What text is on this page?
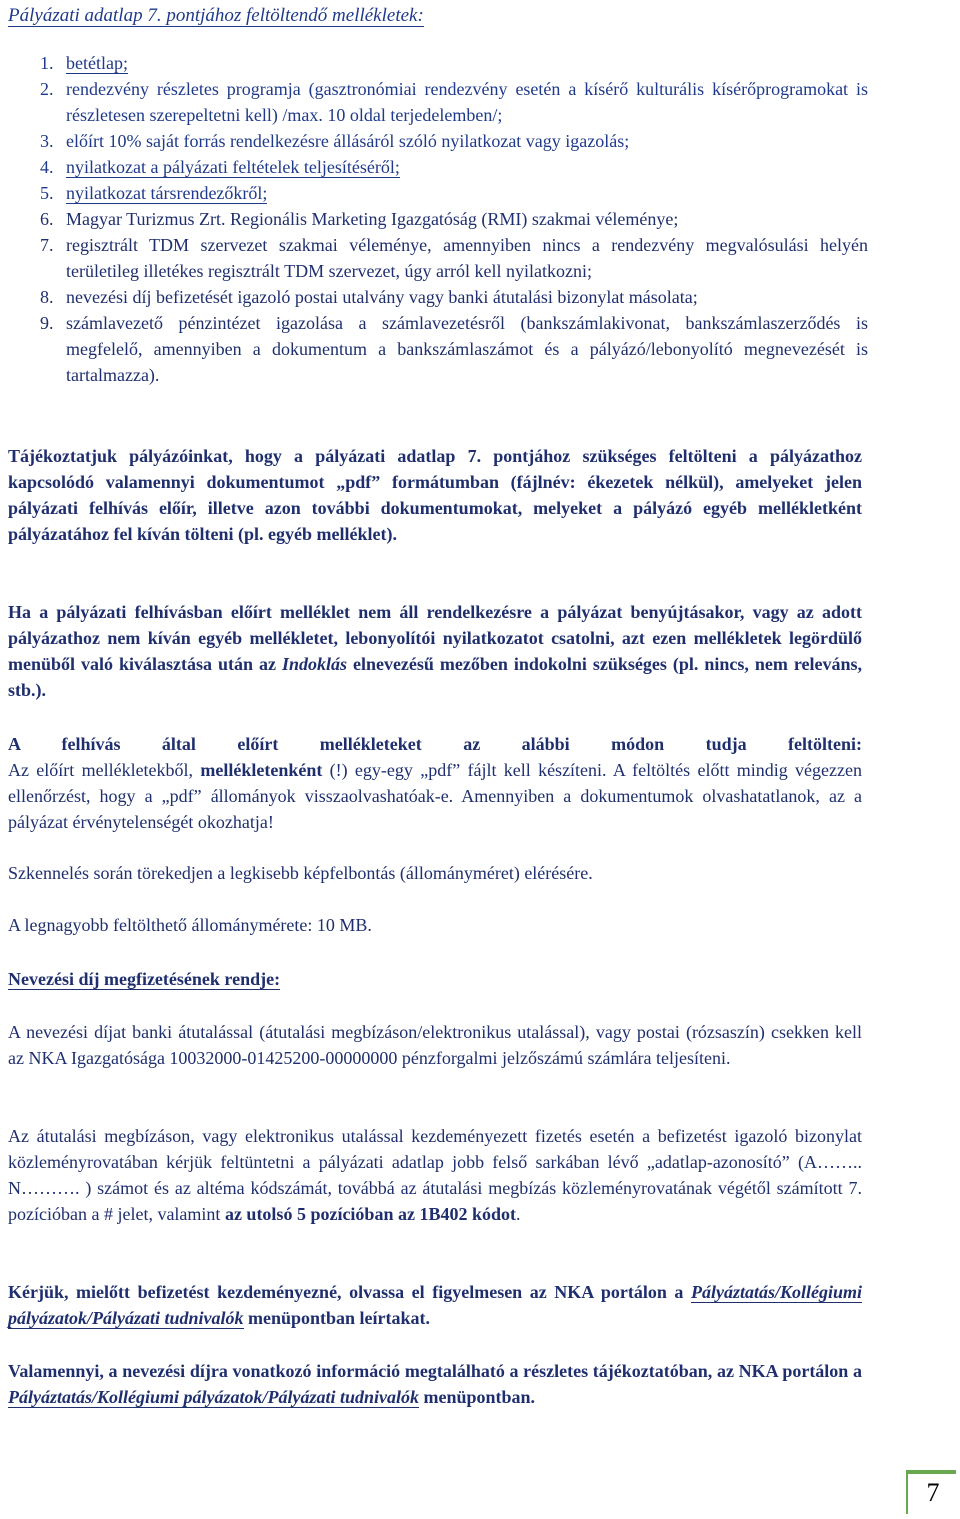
Pályázati adatlap 7. pontjához feltöltendő mellékletek:
1. betétlap;
2. rendezvény részletes programja (gasztronómiai rendezvény esetén a kísérő kulturális kísérőprogramokat is részletesen szerepeltetni kell) /max. 10 oldal terjedelemben/;
3. előírt 10% saját forrás rendelkezésre állásáról szóló nyilatkozat vagy igazolás;
4. nyilatkozat a pályázati feltételek teljesítéséről;
5. nyilatkozat társrendezőkről;
6. Magyar Turizmus Zrt. Regionális Marketing Igazgatóság (RMI) szakmai véleménye;
7. regisztrált TDM szervezet szakmai véleménye, amennyiben nincs a rendezvény megvalósulási helyén területileg illetékes regisztrált TDM szervezet, úgy arról kell nyilatkozni;
8. nevezési díj befizetését igazoló postai utalvány vagy banki átutalási bizonylat másolata;
9. számlavezető pénzintézet igazolása a számlavezetésről (bankszámlakivonat, bankszámlaszerződés is megfelelő, amennyiben a dokumentum a bankszámlaszámot és a pályázó/lebonyolító megnevezését is tartalmazza).

Tájékoztatjuk pályázóinkat, hogy a pályázati adatlap 7. pontjához szükséges feltölteni a pályázathoz kapcsolódó valamennyi dokumentumot „pdf” formátumban (fájlnév: ékezetek nélkül), amelyeket jelen pályázati felhívás előír, illetve azon további dokumentumokat, melyeket a pályázó egyéb mellékletként pályázatához fel kíván tölteni (pl. egyéb melléklet).

Ha a pályázati felhívásban előírt melléklet nem áll rendelkezésre a pályázat benyújtásakor, vagy az adott pályázathoz nem kíván egyéb mellékletet, lebonyolítói nyilatkozatot csatolni, azt ezen mellékletek legördülő menüből való kiválasztása után az Indoklás elnevezésű mezőben indokolni szükséges (pl. nincs, nem releváns, stb.).

A felhívás által előírt mellékleteket az alábbi módon tudja feltölteni:

Az előírt mellékletekből, mellékletenként (!) egy-egy „pdf” fájlt kell készíteni. A feltöltés előtt mindig végezzen ellenőrzést, hogy a „pdf” állományok visszaolvashatóak-e. Amennyiben a dokumentumok olvashatatlanok, az a pályázat érvénytelenségét okozhatja!

Szkennelés során törekedjen a legkisebb képfelbontás (állományméret) elérésére.

A legnagyobb feltölthető állománymérete: 10 MB.

Nevezési díj megfizetésének rendje:

A nevezési díjat banki átutalással (átutalási megbízáson/elektronikus utalással), vagy postai (rózsaszín) csekken kell az NKA Igazgatósága 10032000-01425200-00000000 pénzforgalmi jelzőszámú számlára teljesíteni.

Az átutalási megbízáson, vagy elektronikus utalással kezdeményezett fizetés esetén a befizetést igazoló bizonylat közleményrovatában kérjük feltüntetni a pályázati adatlap jobb felső sarkában lévő „adatlap-azonosító” (A…….. N………. ) számot és az altéma kódszámát, továbbá az átutalási megbízás közleményrovatának végétől számított 7. pozícióban a # jelet, valamint az utolsó 5 pozícióban az 1B402 kódot.

Kérjük, mielőtt befizetést kezdeményezné, olvassa el figyelmesen az NKA portálon a Pályáztatás/Kollégiumi pályázatok/Pályázati tudnivalók menüpontban leírtakat.

Valamennyi, a nevezési díjra vonatkozó információ megtalálható a részletes tájékoztatóban, az NKA portálon a Pályáztatás/Kollégiumi pályázatok/Pályázati tudnivalók menüpontban.

7
